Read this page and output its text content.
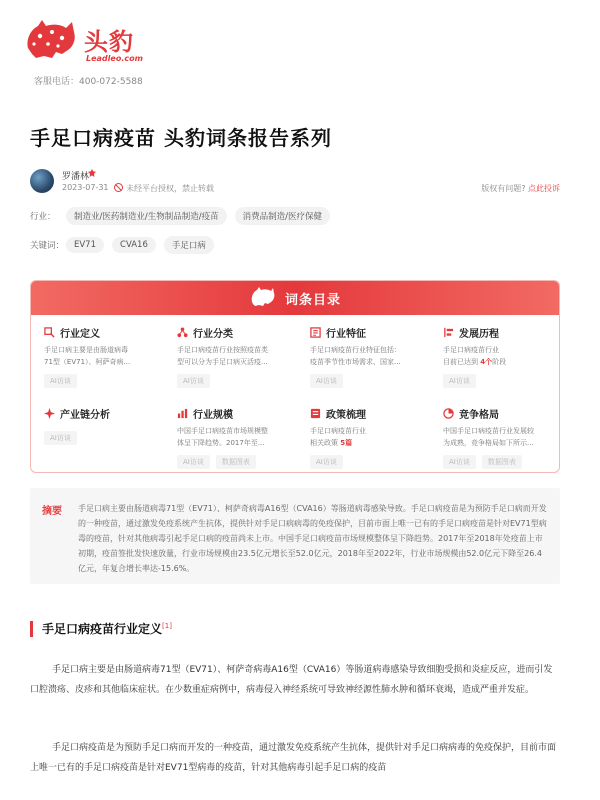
头豹
Leadleo.com
客服电话：400-072-5588
手足口病疫苗 头豹词条报告系列
罗潘林
2023-07-31 未经平台授权，禁止转载	版权有问题? 点此投诉
行业：	制造业/医药制造业/生物制品制造/疫苗	消费品制造/医疗保健
关键词：	EV71	CVA16	手足口病
词条目录
行业定义
手足口病主要是由肠道病毒
71型（EV71）、柯萨奇病...
AI访谈
行业分类
手足口病疫苗行业按照疫苗类
型可以分为手足口病灭活疫...
AI访谈
行业特征
手足口病疫苗行业特征包括：
疫苗季节性市场需求、国家...
AI访谈
发展历程
手足口病疫苗行业
目前已达到 4个阶段
AI访谈
产业链分析
AI访谈
行业规模
中国手足口病疫苗市场规模整
体呈下降趋势。2017年至...
AI访谈	数据图表
政策梳理
手足口病疫苗行业
相关政策 5篇
AI访谈
竞争格局
中国手足口病疫苗行业发展较
为成熟，竞争格局如下所示...
AI访谈	数据图表
摘要 手足口病主要由肠道病毒71型（EV71）、柯萨奇病毒A16型（CVA16）等肠道病毒感染导致。手足口病疫苗是为预防手足口病而开发的一种疫苗，通过激发免疫系统产生抗体，提供针对手足口病病毒的免疫保护，目前市面上唯一已有的手足口病疫苗是针对EV71型病毒的疫苗，针对其他病毒引起手足口病的疫苗尚未上市。中国手足口病疫苗市场规模整体呈下降趋势。2017年至2018年处疫苗上市初期，疫苗签批发快速放量，行业市场规模由23.5亿元增长至52.0亿元，2018年至2022年，行业市场规模由52.0亿元下降至26.4亿元，年复合增长率达-15.6%。
手足口病疫苗行业定义[1]
手足口病主要是由肠道病毒71型（EV71）、柯萨奇病毒A16型（CVA16）等肠道病毒感染导致细胞受损和炎症反应，进而引发口腔溃疡、皮疹和其他临床症状。在少数重症病例中，病毒侵入神经系统可导致神经源性肺水肿和循环衰竭，造成严重并发症。
手足口病疫苗是为预防手足口病而开发的一种疫苗，通过激发免疫系统产生抗体，提供针对手足口病病毒的免疫保护，目前市面上唯一已有的手足口病疫苗是针对EV71型病毒的疫苗，针对其他病毒引起手足口病的疫苗
